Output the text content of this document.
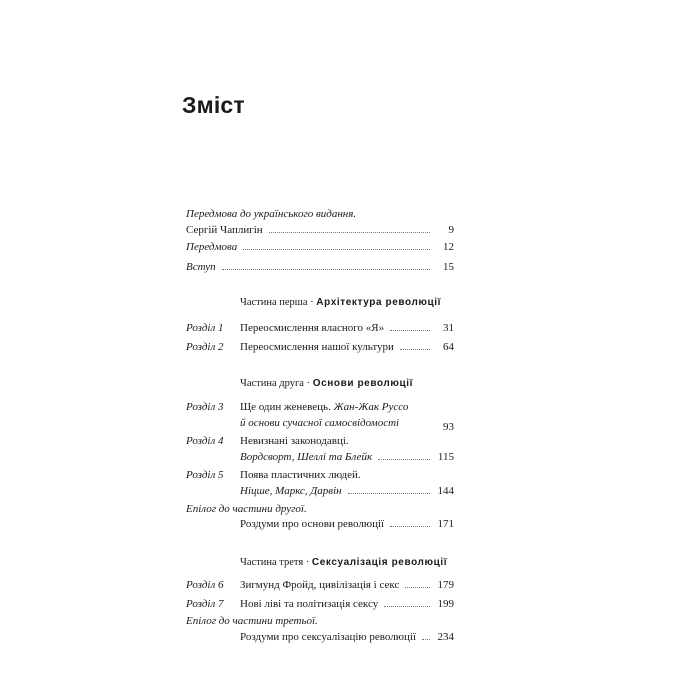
Зміст
Передмова до українського видання.
Сергій Чаплигін	9
Передмова	12
Вступ	15
Частина перша · Архітектура революції
Розділ 1 Переосмислення власного «Я»	31
Розділ 2 Переосмислення нашої культури	64
Частина друга · Основи революції
Розділ 3 Ще один женевець. Жан-Жак Руссо
й основи сучасної самосвідомості	93
Розділ 4 Невизнані законодавці.
Вордсворт, Шеллі та Блейк	115
Розділ 5 Поява пластичних людей.
Ніцше, Маркс, Дарвін	144
Епілог до частини другої.
Роздуми про основи революції	171
Частина третя · Сексуалізація революції
Розділ 6 Зигмунд Фройд, цивілізація і секс	179
Розділ 7 Нові ліві та політизація сексу	199
Епілог до частини третьої.
Роздуми про сексуалізацію революції 234
